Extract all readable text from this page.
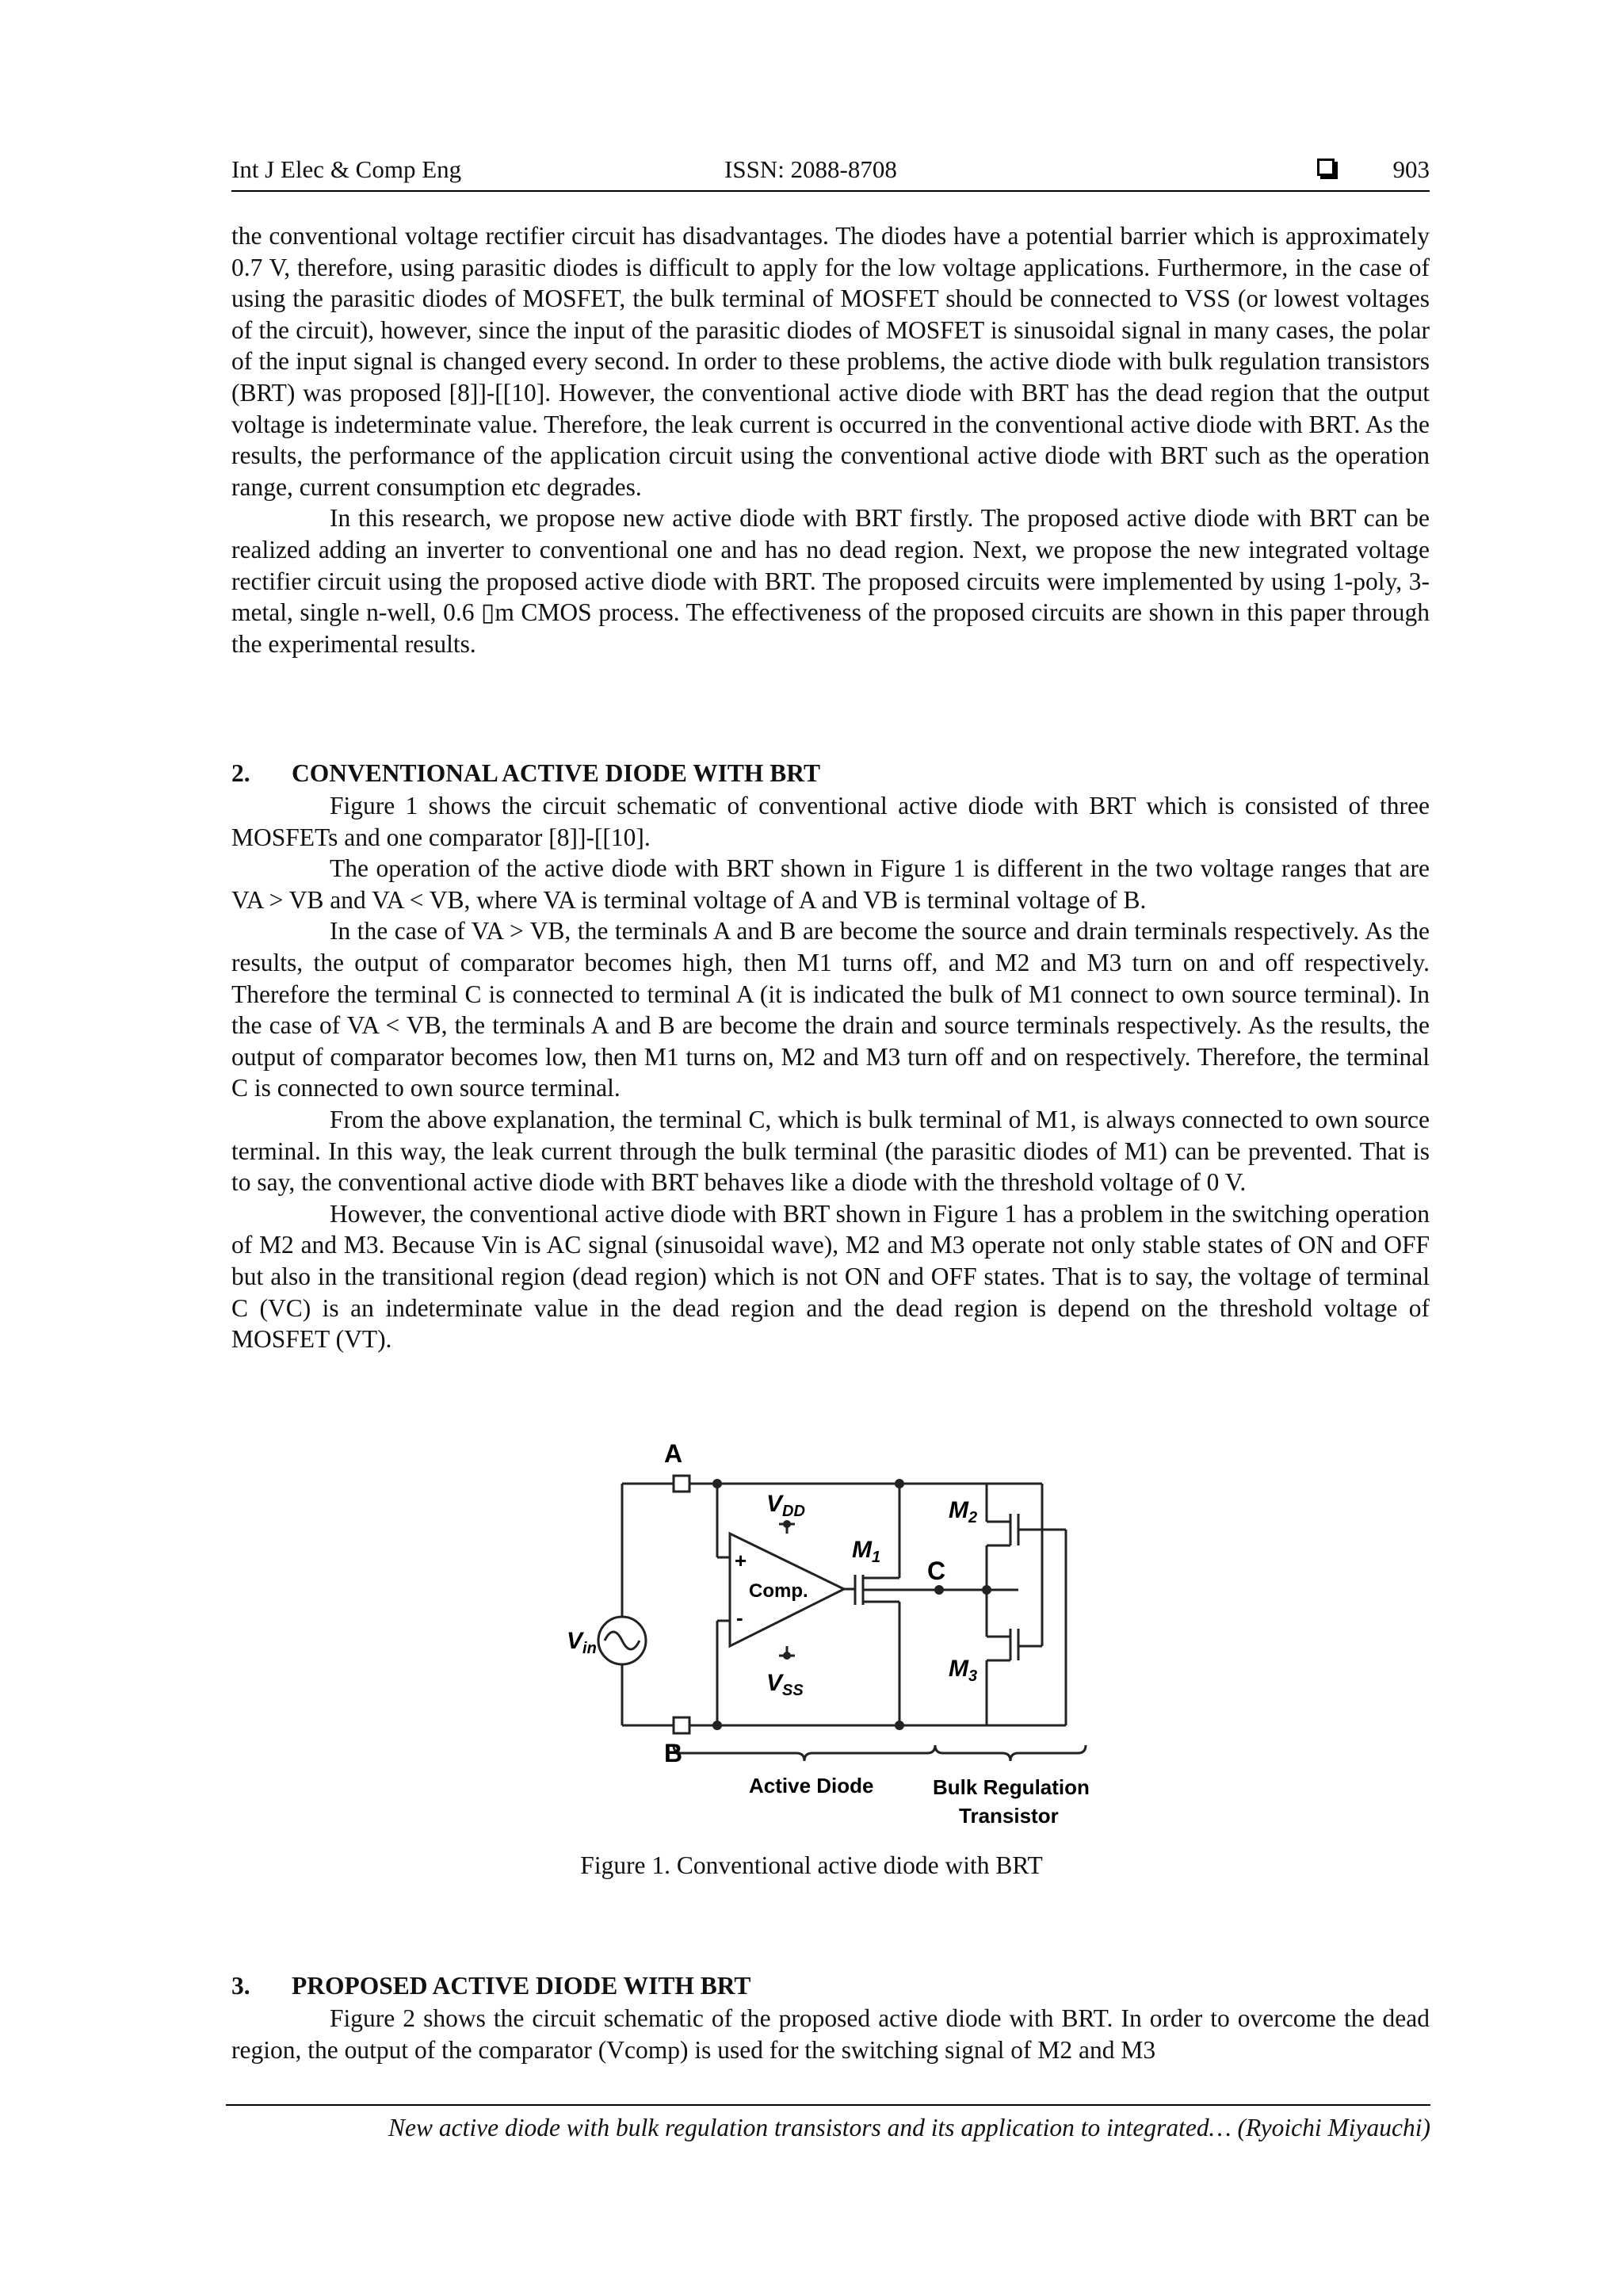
Int J Elec & Comp Eng	ISSN: 2088-8708	903

the conventional voltage rectifier circuit has disadvantages. The diodes have a potential barrier which is approximately 0.7 V, therefore, using parasitic diodes is difficult to apply for the low voltage applications. Furthermore, in the case of using the parasitic diodes of MOSFET, the bulk terminal of MOSFET should be connected to VSS (or lowest voltages of the circuit), however, since the input of the parasitic diodes of MOSFET is sinusoidal signal in many cases, the polar of the input signal is changed every second. In order to these problems, the active diode with bulk regulation transistors (BRT) was proposed [8]]-[[10]. However, the conventional active diode with BRT has the dead region that the output voltage is indeterminate value. Therefore, the leak current is occurred in the conventional active diode with BRT. As the results, the performance of the application circuit using the conventional active diode with BRT such as the operation range, current consumption etc degrades.

In this research, we propose new active diode with BRT firstly. The proposed active diode with BRT can be realized adding an inverter to conventional one and has no dead region. Next, we propose the new integrated voltage rectifier circuit using the proposed active diode with BRT. The proposed circuits were implemented by using 1-poly, 3-metal, single n-well, 0.6 ▯m CMOS process. The effectiveness of the proposed circuits are shown in this paper through the experimental results.

2. CONVENTIONAL ACTIVE DIODE WITH BRT

Figure 1 shows the circuit schematic of conventional active diode with BRT which is consisted of three MOSFETs and one comparator [8]]-[[10].

The operation of the active diode with BRT shown in Figure 1 is different in the two voltage ranges that are VA > VB and VA < VB, where VA is terminal voltage of A and VB is terminal voltage of B.

In the case of VA > VB, the terminals A and B are become the source and drain terminals respectively. As the results, the output of comparator becomes high, then M1 turns off, and M2 and M3 turn on and off respectively. Therefore the terminal C is connected to terminal A (it is indicated the bulk of M1 connect to own source terminal). In the case of VA < VB, the terminals A and B are become the drain and source terminals respectively. As the results, the output of comparator becomes low, then M1 turns on, M2 and M3 turn off and on respectively. Therefore, the terminal C is connected to own source terminal.

From the above explanation, the terminal C, which is bulk terminal of M1, is always connected to own source terminal. In this way, the leak current through the bulk terminal (the parasitic diodes of M1) can be prevented. That is to say, the conventional active diode with BRT behaves like a diode with the threshold voltage of 0 V.

However, the conventional active diode with BRT shown in Figure 1 has a problem in the switching operation of M2 and M3. Because Vin is AC signal (sinusoidal wave), M2 and M3 operate not only stable states of ON and OFF but also in the transitional region (dead region) which is not ON and OFF states. That is to say, the voltage of terminal C (VC) is an indeterminate value in the dead region and the dead region is depend on the threshold voltage of MOSFET (VT).

A
B
C
$V_{DD}$
$V_{SS}$
$V_{in}$
$M_1$
$M_2$
$M_3$
Comp.
+
-
Active Diode	Bulk Regulation
Transistor
Figure 1. Conventional active diode with BRT
3. PROPOSED ACTIVE DIODE WITH BRT

Figure 2 shows the circuit schematic of the proposed active diode with BRT. In order to overcome the dead region, the output of the comparator (Vcomp) is used for the switching signal of M2 and M3

New active diode with bulk regulation transistors and its application to integrated… (Ryoichi Miyauchi)
